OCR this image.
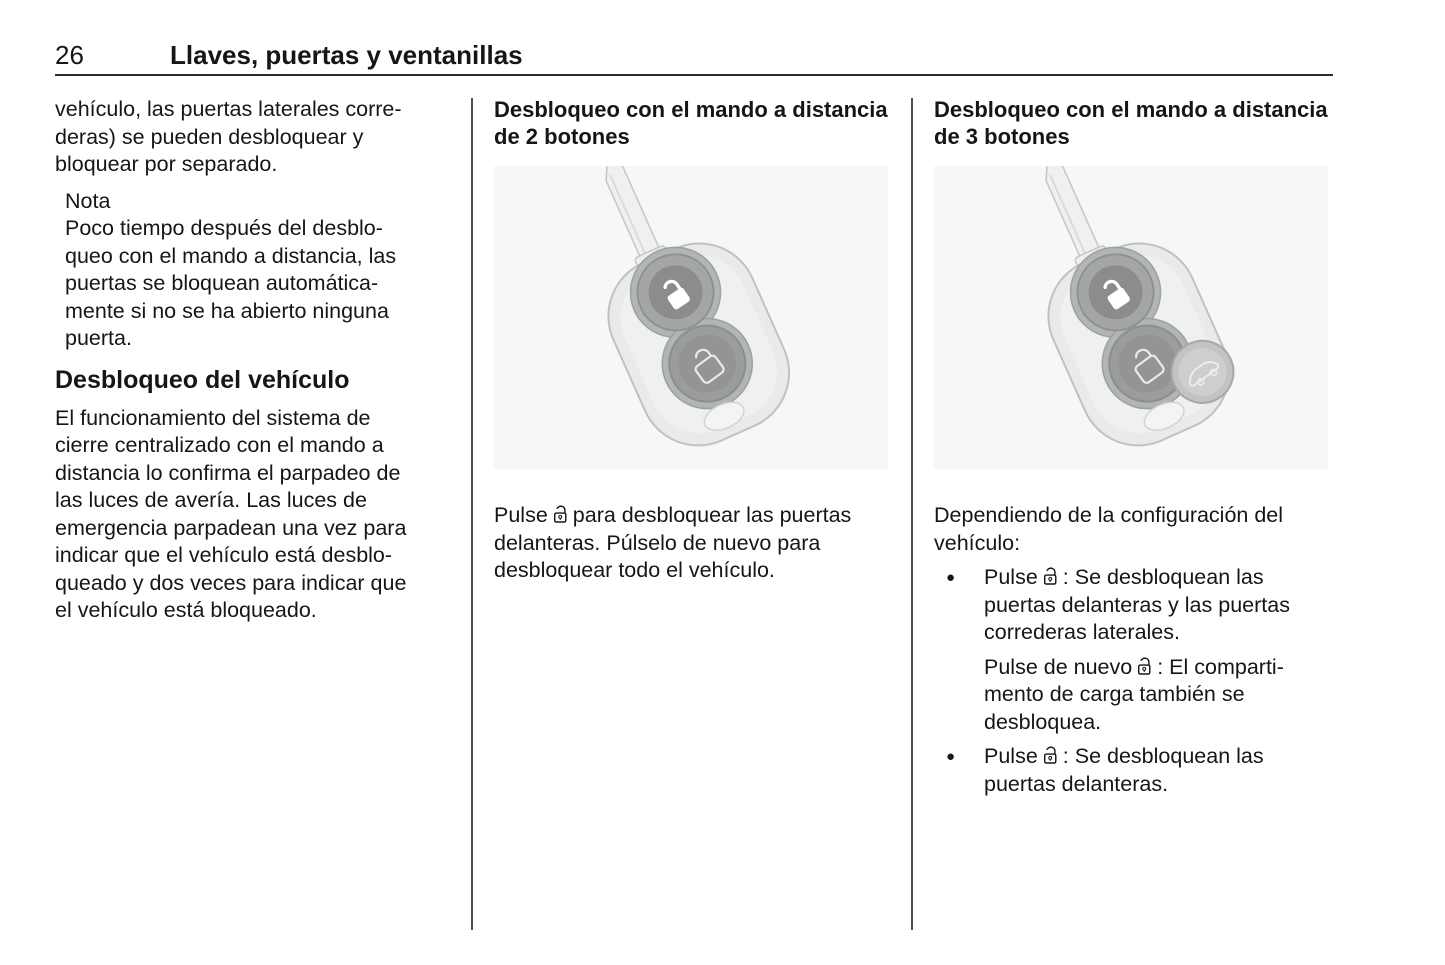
26	Llaves, puertas y ventanillas
vehículo, las puertas laterales corre-
deras) se pueden desbloquear y
bloquear por separado.
Nota
Poco tiempo después del desblo-
queo con el mando a distancia, las
puertas se bloquean automática-
mente si no se ha abierto ninguna
puerta.
Desbloqueo del vehículo
El funcionamiento del sistema de
cierre centralizado con el mando a
distancia lo confirma el parpadeo de
las luces de avería. Las luces de
emergencia parpadean una vez para
indicar que el vehículo está desblo-
queado y dos veces para indicar que
el vehículo está bloqueado.
Desbloqueo con el mando a distancia
de 2 botones
Pulse para desbloquear las puertas
delanteras. Púlselo de nuevo para
desbloquear todo el vehículo.
Desbloqueo con el mando a distancia
de 3 botones
Dependiendo de la configuración del
vehículo:
●	Pulse : Se desbloquean las
puertas delanteras y las puertas
correderas laterales.
Pulse de nuevo : El comparti-
mento de carga también se
desbloquea.
●	Pulse : Se desbloquean las
puertas delanteras.
